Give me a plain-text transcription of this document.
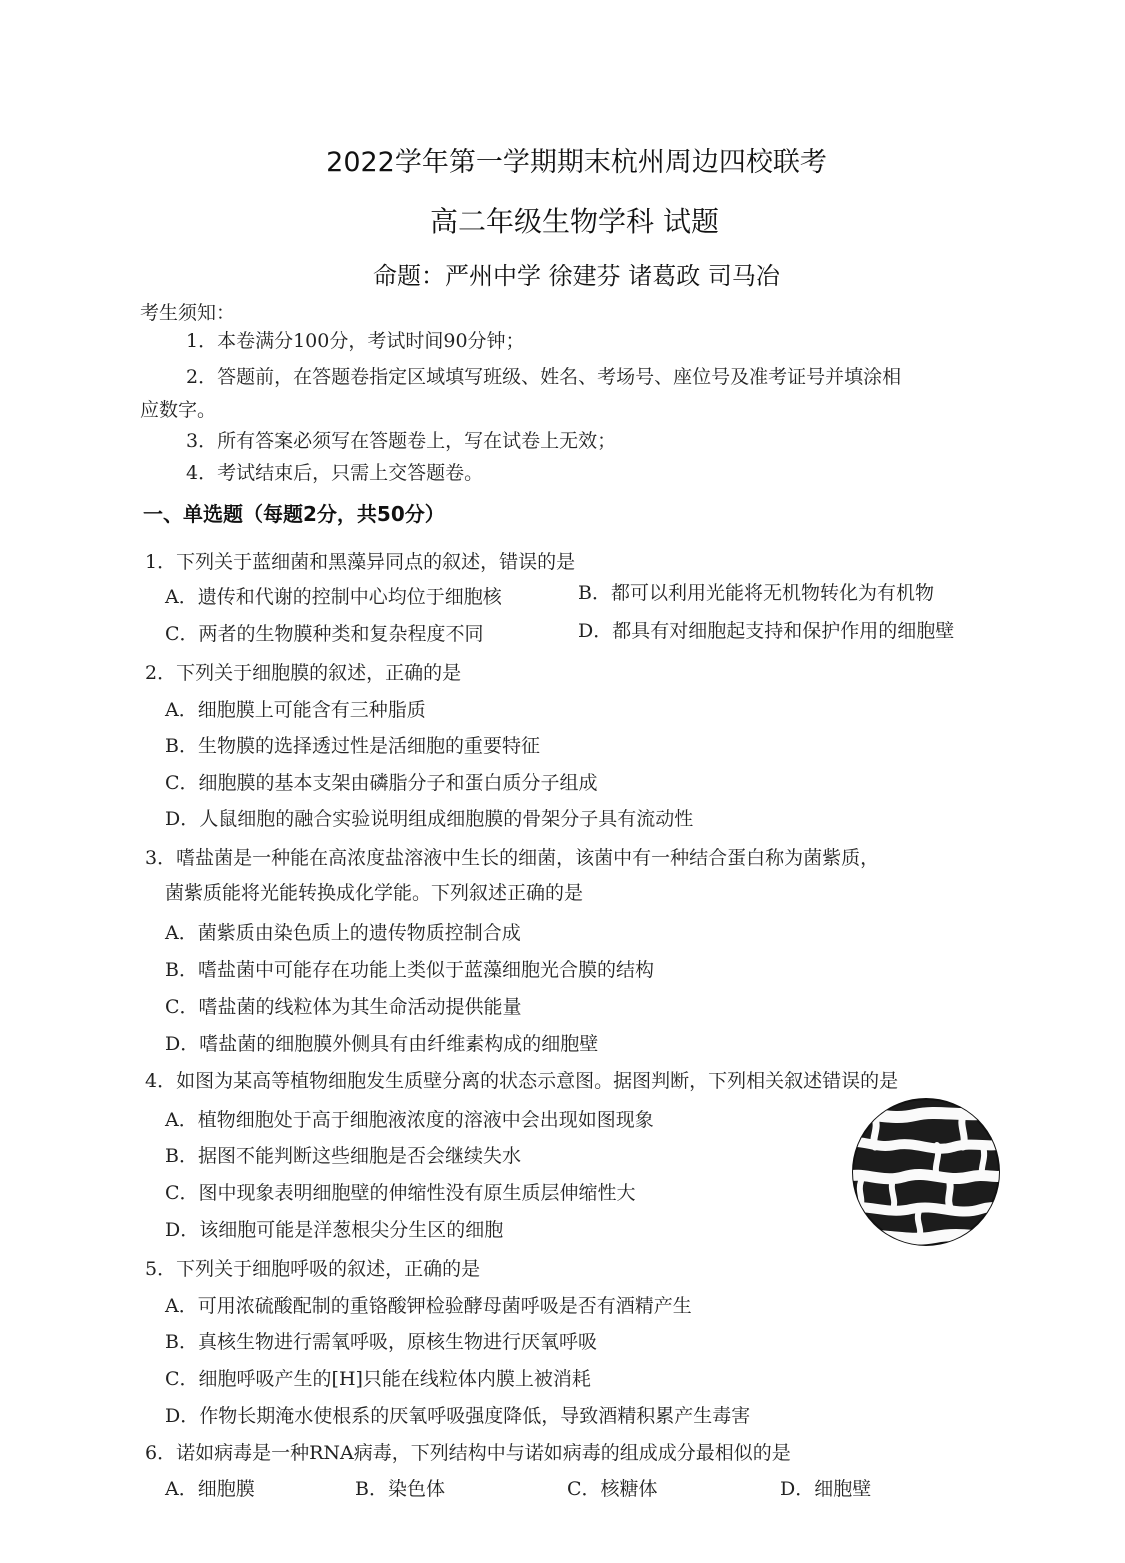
2022学年第一学期期末杭州周边四校联考
高二年级生物学科 试题
命题：严州中学 徐建芬 诸葛政 司马冶
考生须知：
1．本卷满分100分，考试时间90分钟；
2．答题前，在答题卷指定区域填写班级、姓名、考场号、座位号及准考证号并填涂相
应数字。
3．所有答案必须写在答题卷上，写在试卷上无效；
4．考试结束后，只需上交答题卷。
一、单选题（每题2分，共50分）
1．下列关于蓝细菌和黑藻异同点的叙述，错误的是
A．遗传和代谢的控制中心均位于细胞核	B．都可以利用光能将无机物转化为有机物
C．两者的生物膜种类和复杂程度不同	D．都具有对细胞起支持和保护作用的细胞壁
2．下列关于细胞膜的叙述，正确的是
A．细胞膜上可能含有三种脂质
B．生物膜的选择透过性是活细胞的重要特征
C．细胞膜的基本支架由磷脂分子和蛋白质分子组成
D．人鼠细胞的融合实验说明组成细胞膜的骨架分子具有流动性
3．嗜盐菌是一种能在高浓度盐溶液中生长的细菌，该菌中有一种结合蛋白称为菌紫质，
菌紫质能将光能转换成化学能。下列叙述正确的是
A．菌紫质由染色质上的遗传物质控制合成
B．嗜盐菌中可能存在功能上类似于蓝藻细胞光合膜的结构
C．嗜盐菌的线粒体为其生命活动提供能量
D．嗜盐菌的细胞膜外侧具有由纤维素构成的细胞壁
4．如图为某高等植物细胞发生质壁分离的状态示意图。据图判断，下列相关叙述错误的是
A．植物细胞处于高于细胞液浓度的溶液中会出现如图现象
B．据图不能判断这些细胞是否会继续失水
C．图中现象表明细胞壁的伸缩性没有原生质层伸缩性大
D．该细胞可能是洋葱根尖分生区的细胞
5．下列关于细胞呼吸的叙述，正确的是
A．可用浓硫酸配制的重铬酸钾检验酵母菌呼吸是否有酒精产生
B．真核生物进行需氧呼吸，原核生物进行厌氧呼吸
C．细胞呼吸产生的[H]只能在线粒体内膜上被消耗
D．作物长期淹水使根系的厌氧呼吸强度降低，导致酒精积累产生毒害
6．诺如病毒是一种RNA病毒，下列结构中与诺如病毒的组成成分最相似的是
A．细胞膜	B．染色体	C．核糖体	D．细胞壁
